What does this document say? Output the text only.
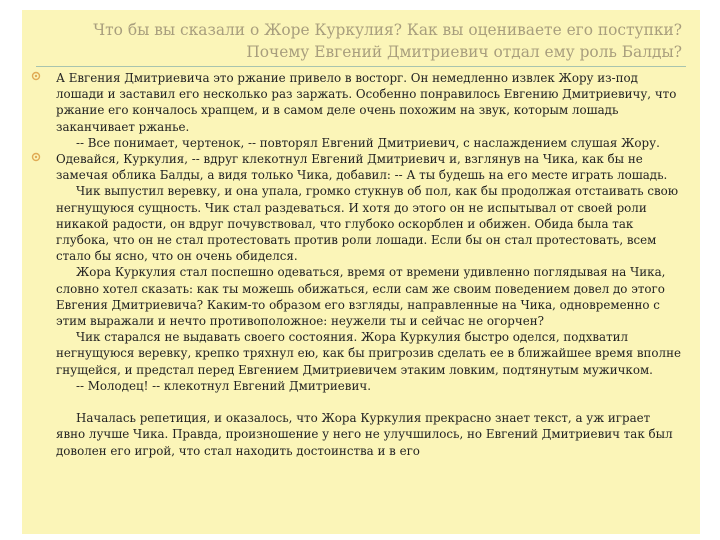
Что бы вы сказали о Жоре Куркулия? Как вы оцениваете его поступки?
Почему Евгений Дмитриевич отдал ему роль Балды?

А Евгения Дмитриевича это ржание привело в восторг. Он немедленно извлек Жору из-под лошади и заставил его несколько раз заржать. Особенно понравилось Евгению Дмитриевичу, что ржание его кончалось храпцем, и в самом деле очень похожим на звук, которым лошадь заканчивает ржанье.

-- Все понимает, чертенок, -- повторял Евгений Дмитриевич, с наслаждением слушая Жору.

Одевайся, Куркулия, -- вдруг клекотнул Евгений Дмитриевич и, взглянув на Чика, как бы не замечая облика Балды, а видя только Чика, добавил: -- А ты будешь на его месте играть лошадь.

Чик выпустил веревку, и она упала, громко стукнув об пол, как бы продолжая отстаивать свою негнущуюся сущность. Чик стал раздеваться. И хотя до этого он не испытывал от своей роли никакой радости, он вдруг почувствовал, что глубоко оскорблен и обижен. Обида была так глубока, что он не стал протестовать против роли лошади. Если бы он стал протестовать, всем стало бы ясно, что он очень обиделся.

Жора Куркулия стал поспешно одеваться, время от времени удивленно поглядывая на Чика, словно хотел сказать: как ты можешь обижаться, если сам же своим поведением довел до этого Евгения Дмитриевича? Каким-то образом его взгляды, направленные на Чика, одновременно с этим выражали и нечто противоположное: неужели ты и сейчас не огорчен?

Чик старался не выдавать своего состояния. Жора Куркулия быстро оделся, подхватил негнущуюся веревку, крепко тряхнул ею, как бы пригрозив сделать ее в ближайшее время вполне гнущейся, и предстал перед Евгением Дмитриевичем этаким ловким, подтянутым мужичком.

-- Молодец! -- клекотнул Евгений Дмитриевич.

Началась репетиция, и оказалось, что Жора Куркулия прекрасно знает текст, а уж играет явно лучше Чика. Правда, произношение у него не улучшилось, но Евгений Дмитриевич так был доволен его игрой, что стал находить достоинства и в его
